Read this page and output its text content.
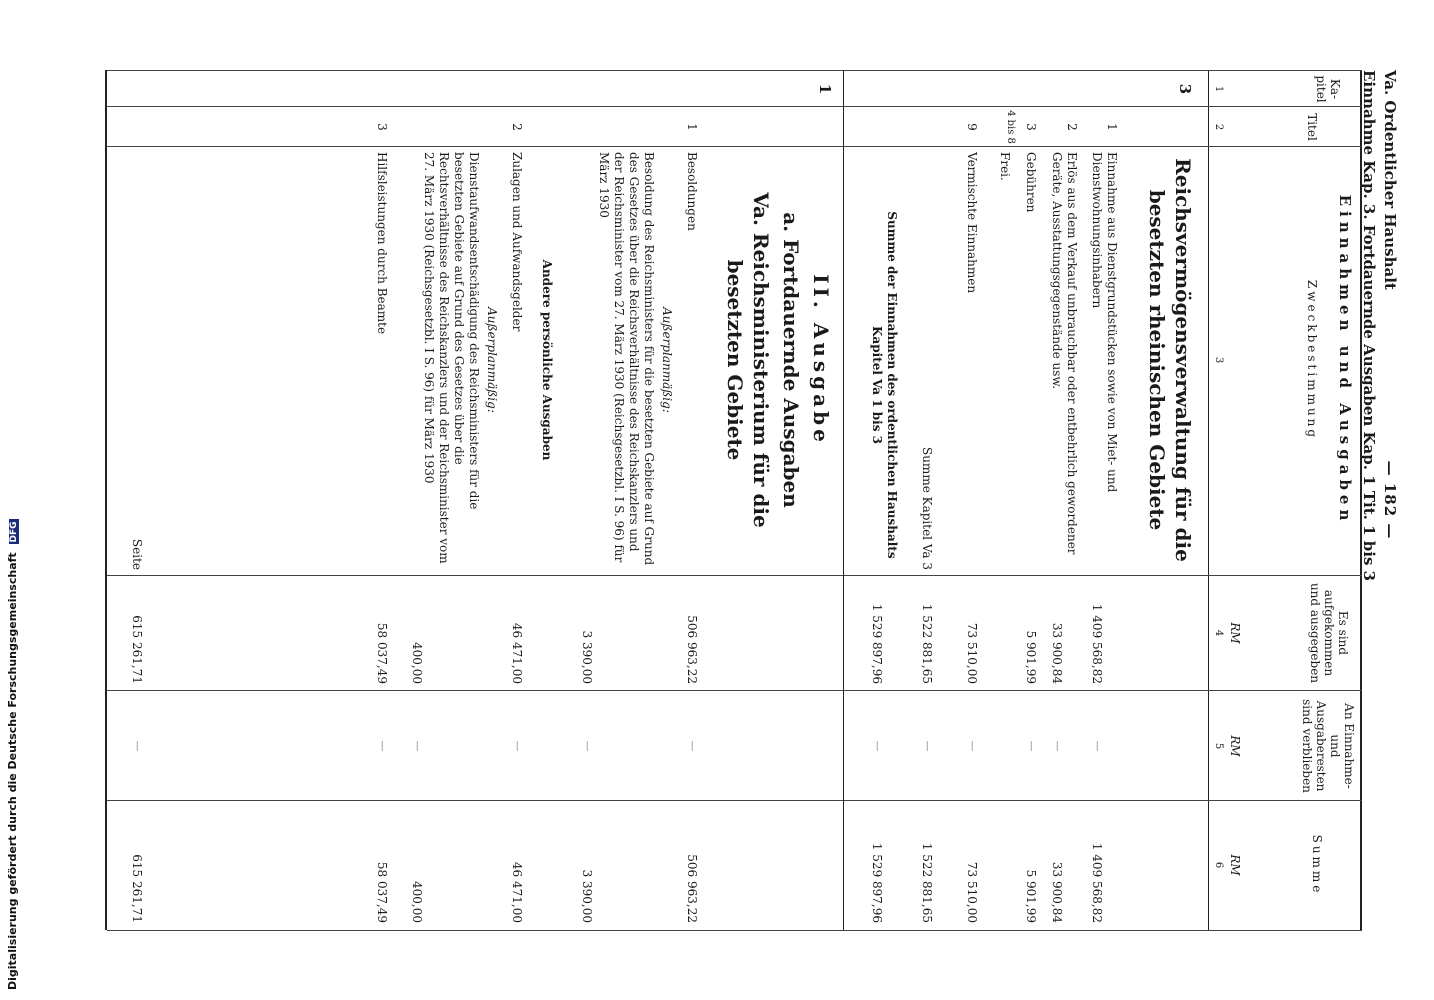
Va. Ordentlicher Haushalt
— 182 —
Einnahme Kap. 3. Fortdauernde Ausgaben Kap. 1 Tit. 1 bis 3
Ka- pitel
Titel
Einnahmen und Ausgaben
Zweckbestimmung
Es sind aufgekommen und ausgegeben
An Einnahme- und Ausgaberesten sind verblieben
Summe
RM
RM
RM
1
2
3
4
5
6
3
Reichsvermögensverwaltung für die besetzten rheinischen Gebiete
1
Einnahme aus Dienstgrundstücken sowie von Miet- und Dienstwohnungsinhabern
1 409 568,82
—
1 409 568,82
2
Erlös aus dem Verkauf unbrauchbar oder entbehrlich gewordener Geräte, Ausstattungsgegenstände usw.
33 900,84
—
33 900,84
3
Gebühren
5 901,99
—
5 901,99
4 bis 8
Frei.
9
Vermischte Einnahmen
73 510,00
—
73 510,00
Summe Kapitel Va 3
1 522 881,65
—
1 522 881,65
Summe der Einnahmen des ordentlichen Haushalts Kapitel Va 1 bis 3
1 529 897,96
—
1 529 897,96
1
II. Ausgabe
a. Fortdauernde Ausgaben
Va. Reichsministerium für die besetzten Gebiete
1
Besoldungen
506 963,22
—
506 963,22
Außerplanmäßig:
Besoldung des Reichsministers für die besetzten Gebiete auf Grund des Gesetzes über die Reichsverhältnisse des Reichskanzlers und der Reichsminister vom 27. März 1930 (Reichsgesetzbl. I S. 96) für März 1930
3 390,00
—
3 390,00
Andere persönliche Ausgaben
2
Zulagen und Aufwandsgelder
46 471,00
—
46 471,00
Außerplanmäßig:
Dienstaufwandsentschädigung des Reichsministers für die besetzten Gebiete auf Grund des Gesetzes über die Rechtsverhältnisse des Reichskanzlers und der Reichsminister vom 27. März 1930 (Reichsgesetzbl. I S. 96) für März 1930
400,00
—
400,00
3
Hilfsleistungen durch Beamte
58 037,49
—
58 037,49
Seite
615 261,71
—
615 261,71
Digitalisierung gefördert durch die Deutsche Forschungsgemeinschaft DFG
